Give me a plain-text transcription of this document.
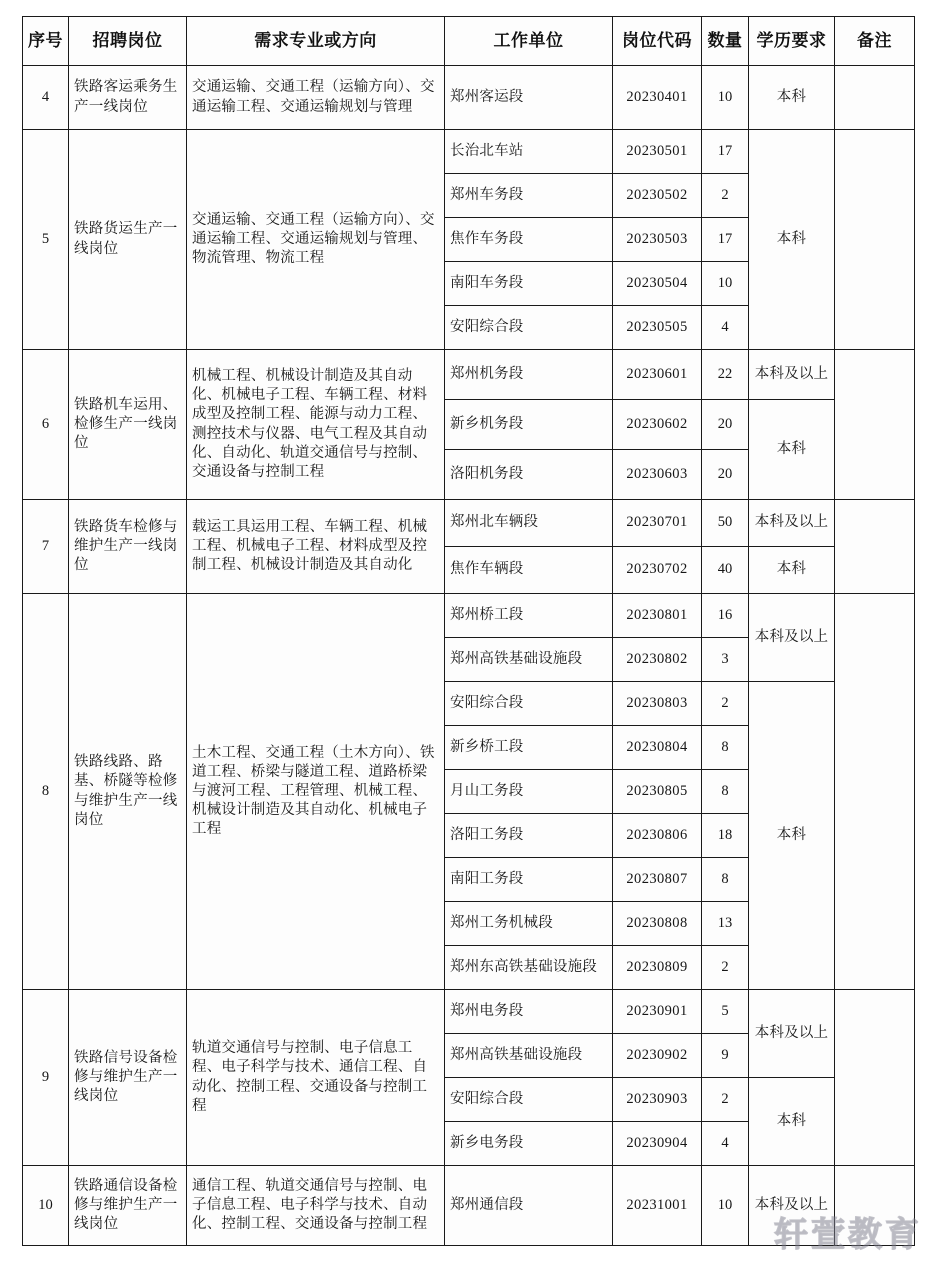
序号	招聘岗位	需求专业或方向	工作单位	岗位代码	数量	学历要求	备注
4	铁路客运乘务生产一线岗位	交通运输、交通工程（运输方向）、交通运输工程、交通运输规划与管理	郑州客运段	20230401	10	本科	
5	铁路货运生产一线岗位	交通运输、交通工程（运输方向）、交通运输工程、交通运输规划与管理、物流管理、物流工程	长治北车站	20230501	17	本科	
			郑州车务段	20230502	2		
			焦作车务段	20230503	17		
			南阳车务段	20230504	10		
			安阳综合段	20230505	4		
6	铁路机车运用、检修生产一线岗位	机械工程、机械设计制造及其自动化、机械电子工程、车辆工程、材料成型及控制工程、能源与动力工程、测控技术与仪器、电气工程及其自动化、自动化、轨道交通信号与控制、交通设备与控制工程	郑州机务段	20230601	22	本科及以上	
			新乡机务段	20230602	20	本科	
			洛阳机务段	20230603	20		
7	铁路货车检修与维护生产一线岗位	载运工具运用工程、车辆工程、机械工程、机械电子工程、材料成型及控制工程、机械设计制造及其自动化	郑州北车辆段	20230701	50	本科及以上	
			焦作车辆段	20230702	40	本科	
8	铁路线路、路基、桥隧等检修与维护生产一线岗位	土木工程、交通工程（土木方向）、铁道工程、桥梁与隧道工程、道路桥梁与渡河工程、工程管理、机械工程、机械设计制造及其自动化、机械电子工程	郑州桥工段	20230801	16	本科及以上	
			郑州高铁基础设施段	20230802	3		
			安阳综合段	20230803	2	本科	
			新乡桥工段	20230804	8		
			月山工务段	20230805	8		
			洛阳工务段	20230806	18		
			南阳工务段	20230807	8		
			郑州工务机械段	20230808	13		
			郑州东高铁基础设施段	20230809	2		
9	铁路信号设备检修与维护生产一线岗位	轨道交通信号与控制、电子信息工程、电子科学与技术、通信工程、自动化、控制工程、交通设备与控制工程	郑州电务段	20230901	5	本科及以上	
			郑州高铁基础设施段	20230902	9		
			安阳综合段	20230903	2	本科	
			新乡电务段	20230904	4		
10	铁路通信设备检修与维护生产一线岗位	通信工程、轨道交通信号与控制、电子信息工程、电子科学与技术、自动化、控制工程、交通设备与控制工程	郑州通信段	20231001	10	本科及以上	
